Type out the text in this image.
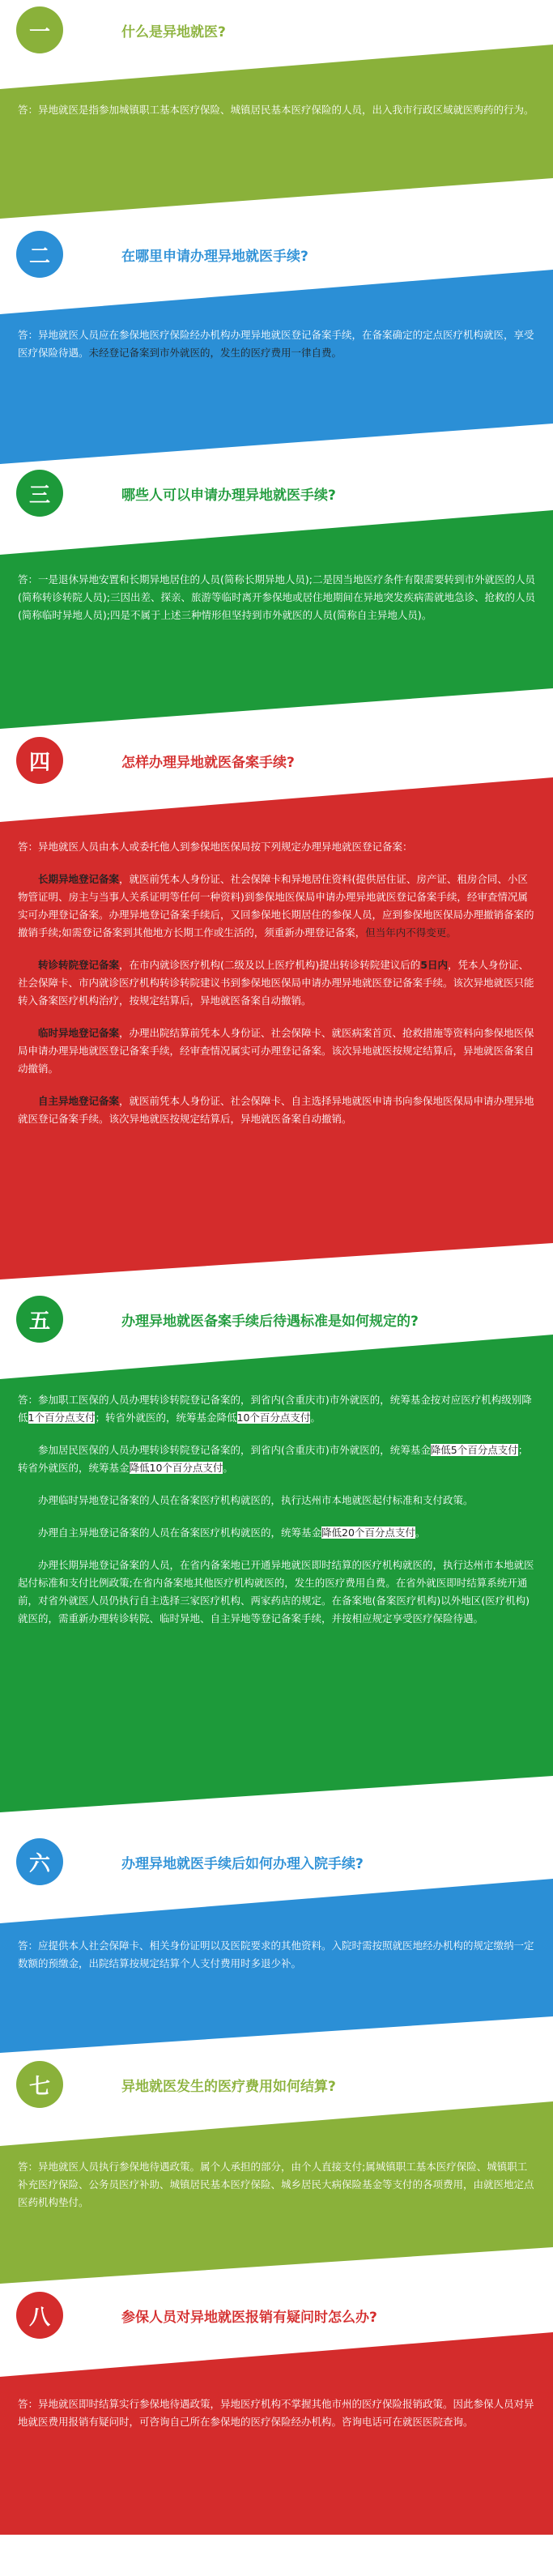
一	什么是异地就医?

答：异地就医是指参加城镇职工基本医疗保险、城镇居民基本医疗保险的人员，出入我市行政区域就医购药的行为。

二	在哪里申请办理异地就医手续?

答：异地就医人员应在参保地医疗保险经办机构办理异地就医登记备案手续，在备案确定的定点医疗机构就医，享受医疗保险待遇。未经登记备案到市外就医的，发生的医疗费用一律自费。

三	哪些人可以申请办理异地就医手续?

答：一是退休异地安置和长期异地居住的人员(简称长期异地人员);二是因当地医疗条件有限需要转到市外就医的人员(简称转诊转院人员);三因出差、探亲、旅游等临时离开参保地或居住地期间在异地突发疾病需就地急诊、抢救的人员(简称临时异地人员);四是不属于上述三种情形但坚持到市外就医的人员(简称自主异地人员)。

四	怎样办理异地就医备案手续?

答：异地就医人员由本人或委托他人到参保地医保局按下列规定办理异地就医登记备案：

长期异地登记备案，就医前凭本人身份证、社会保障卡和异地居住资料(提供居住证、房产证、租房合同、小区物管证明、房主与当事人关系证明等任何一种资料)到参保地医保局申请办理异地就医登记备案手续，经审查情况属实可办理登记备案。办理异地登记备案手续后，又回参保地长期居住的参保人员，应到参保地医保局办理撤销备案的撤销手续;如需登记备案到其他地方长期工作或生活的，须重新办理登记备案，但当年内不得变更。

转诊转院登记备案，在市内就诊医疗机构(二级及以上医疗机构)提出转诊转院建议后的5日内，凭本人身份证、社会保障卡、市内就诊医疗机构转诊转院建议书到参保地医保局申请办理异地就医登记备案手续。该次异地就医只能转入备案医疗机构治疗，按规定结算后，异地就医备案自动撤销。

临时异地登记备案，办理出院结算前凭本人身份证、社会保障卡、就医病案首页、抢救措施等资料向参保地医保局申请办理异地就医登记备案手续，经审查情况属实可办理登记备案。该次异地就医按规定结算后，异地就医备案自动撤销。

自主异地登记备案，就医前凭本人身份证、社会保障卡、自主选择异地就医申请书向参保地医保局申请办理异地就医登记备案手续。该次异地就医按规定结算后，异地就医备案自动撤销。

五	办理异地就医备案手续后待遇标准是如何规定的?

答：参加职工医保的人员办理转诊转院登记备案的，到省内(含重庆市)市外就医的，统筹基金按对应医疗机构级别降低1个百分点支付；转省外就医的，统筹基金降低10个百分点支付。

参加居民医保的人员办理转诊转院登记备案的，到省内(含重庆市)市外就医的，统筹基金降低5个百分点支付；转省外就医的，统筹基金降低10个百分点支付。

办理临时异地登记备案的人员在备案医疗机构就医的，执行达州市本地就医起付标准和支付政策。

办理自主异地登记备案的人员在备案医疗机构就医的，统筹基金降低20个百分点支付。

办理长期异地登记备案的人员，在省内备案地已开通异地就医即时结算的医疗机构就医的，执行达州市本地就医起付标准和支付比例政策;在省内备案地其他医疗机构就医的，发生的医疗费用自费。在省外就医即时结算系统开通前，对省外就医人员仍执行自主选择三家医疗机构、两家药店的规定。在备案地(备案医疗机构)以外地区(医疗机构)就医的，需重新办理转诊转院、临时异地、自主异地等登记备案手续，并按相应规定享受医疗保险待遇。

六	办理异地就医手续后如何办理入院手续?

答：应提供本人社会保障卡、相关身份证明以及医院要求的其他资料。入院时需按照就医地经办机构的规定缴纳一定数额的预缴金，出院结算按规定结算个人支付费用时多退少补。

七	异地就医发生的医疗费用如何结算?

答：异地就医人员执行参保地待遇政策。属个人承担的部分，由个人直接支付;属城镇职工基本医疗保险、城镇职工补充医疗保险、公务员医疗补助、城镇居民基本医疗保险、城乡居民大病保险基金等支付的各项费用，由就医地定点医药机构垫付。

八	参保人员对异地就医报销有疑问时怎么办?

答：异地就医即时结算实行参保地待遇政策，异地医疗机构不掌握其他市州的医疗保险报销政策。因此参保人员对异地就医费用报销有疑问时，可咨询自己所在参保地的医疗保险经办机构。咨询电话可在就医医院查询。
